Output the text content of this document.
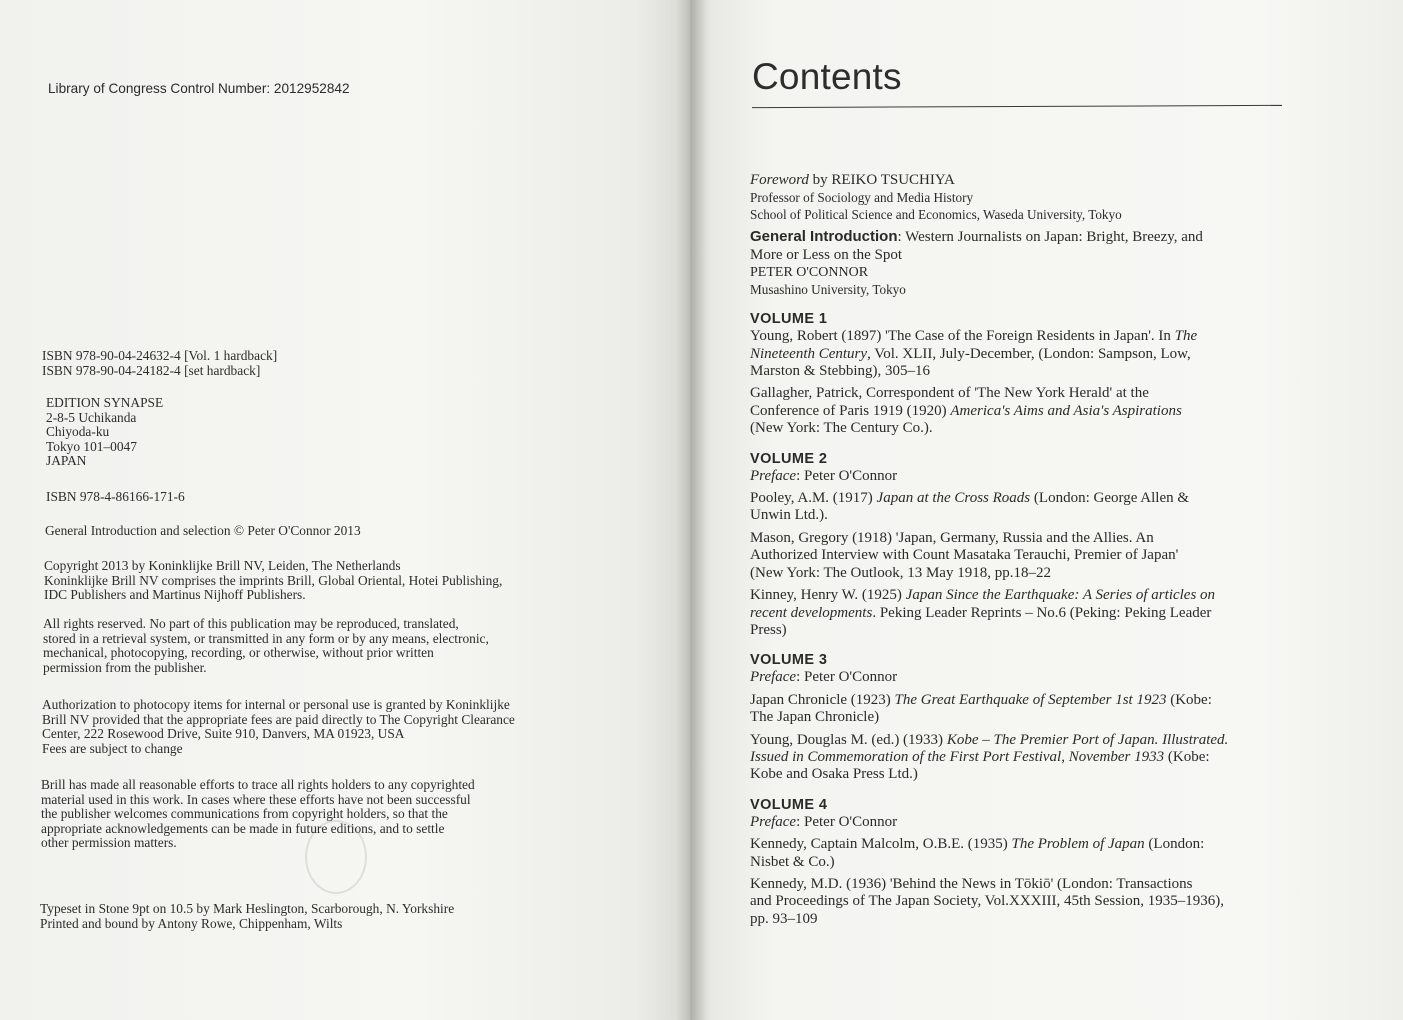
Library of Congress Control Number: 2012952842
ISBN 978-90-04-24632-4 [Vol. 1 hardback]
ISBN 978-90-04-24182-4 [set hardback]
EDITION SYNAPSE
2-8-5 Uchikanda
Chiyoda-ku
Tokyo 101–0047
JAPAN
ISBN 978-4-86166-171-6
General Introduction and selection © Peter O'Connor 2013
Copyright 2013 by Koninklijke Brill NV, Leiden, The Netherlands
Koninklijke Brill NV comprises the imprints Brill, Global Oriental, Hotei Publishing,
IDC Publishers and Martinus Nijhoff Publishers.
All rights reserved. No part of this publication may be reproduced, translated,
stored in a retrieval system, or transmitted in any form or by any means, electronic,
mechanical, photocopying, recording, or otherwise, without prior written
permission from the publisher.
Authorization to photocopy items for internal or personal use is granted by Koninklijke
Brill NV provided that the appropriate fees are paid directly to The Copyright Clearance
Center, 222 Rosewood Drive, Suite 910, Danvers, MA 01923, USA
Fees are subject to change
Brill has made all reasonable efforts to trace all rights holders to any copyrighted
material used in this work. In cases where these efforts have not been successful
the publisher welcomes communications from copyright holders, so that the
appropriate acknowledgements can be made in future editions, and to settle
other permission matters.
Typeset in Stone 9pt on 10.5 by Mark Heslington, Scarborough, N. Yorkshire
Printed and bound by Antony Rowe, Chippenham, Wilts
Contents
Foreword by REIKO TSUCHIYA
Professor of Sociology and Media History
School of Political Science and Economics, Waseda University, Tokyo
General Introduction: Western Journalists on Japan: Bright, Breezy, and
More or Less on the Spot
PETER O'CONNOR
Musashino University, Tokyo
VOLUME 1
Young, Robert (1897) 'The Case of the Foreign Residents in Japan'. In The
Nineteenth Century, Vol. XLII, July-December, (London: Sampson, Low,
Marston & Stebbing), 305–16
Gallagher, Patrick, Correspondent of 'The New York Herald' at the
Conference of Paris 1919 (1920) America's Aims and Asia's Aspirations
(New York: The Century Co.).
VOLUME 2
Preface: Peter O'Connor
Pooley, A.M. (1917) Japan at the Cross Roads (London: George Allen &
Unwin Ltd.).
Mason, Gregory (1918) 'Japan, Germany, Russia and the Allies. An
Authorized Interview with Count Masataka Terauchi, Premier of Japan'
(New York: The Outlook, 13 May 1918, pp.18–22
Kinney, Henry W. (1925) Japan Since the Earthquake: A Series of articles on
recent developments. Peking Leader Reprints – No.6 (Peking: Peking Leader
Press)
VOLUME 3
Preface: Peter O'Connor
Japan Chronicle (1923) The Great Earthquake of September 1st 1923 (Kobe:
The Japan Chronicle)
Young, Douglas M. (ed.) (1933) Kobe – The Premier Port of Japan. Illustrated.
Issued in Commemoration of the First Port Festival, November 1933 (Kobe:
Kobe and Osaka Press Ltd.)
VOLUME 4
Preface: Peter O'Connor
Kennedy, Captain Malcolm, O.B.E. (1935) The Problem of Japan (London:
Nisbet & Co.)
Kennedy, M.D. (1936) 'Behind the News in Tōkiō' (London: Transactions
and Proceedings of The Japan Society, Vol.XXXIII, 45th Session, 1935–1936),
pp. 93–109
